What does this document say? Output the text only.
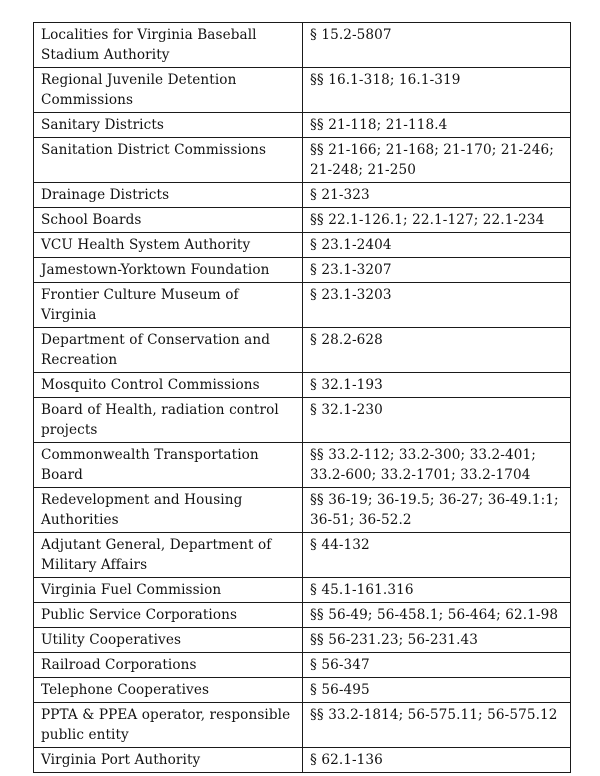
Localities for Virginia Baseball Stadium Authority	§ 15.2-5807
Regional Juvenile Detention Commissions	§§ 16.1-318; 16.1-319
Sanitary Districts	§§ 21-118; 21-118.4
Sanitation District Commissions	§§ 21-166; 21-168; 21-170; 21-246; 21-248; 21-250
Drainage Districts	§ 21-323
School Boards	§§ 22.1-126.1; 22.1-127; 22.1-234
VCU Health System Authority	§ 23.1-2404
Jamestown-Yorktown Foundation	§ 23.1-3207
Frontier Culture Museum of Virginia	§ 23.1-3203
Department of Conservation and Recreation	§ 28.2-628
Mosquito Control Commissions	§ 32.1-193
Board of Health, radiation control projects	§ 32.1-230
Commonwealth Transportation Board	§§ 33.2-112; 33.2-300; 33.2-401; 33.2-600; 33.2-1701; 33.2-1704
Redevelopment and Housing Authorities	§§ 36-19; 36-19.5; 36-27; 36-49.1:1; 36-51; 36-52.2
Adjutant General, Department of Military Affairs	§ 44-132
Virginia Fuel Commission	§ 45.1-161.316
Public Service Corporations	§§ 56-49; 56-458.1; 56-464; 62.1-98
Utility Cooperatives	§§ 56-231.23; 56-231.43
Railroad Corporations	§ 56-347
Telephone Cooperatives	§ 56-495
PPTA & PPEA operator, responsible public entity	§§ 33.2-1814; 56-575.11; 56-575.12
Virginia Port Authority	§ 62.1-136
